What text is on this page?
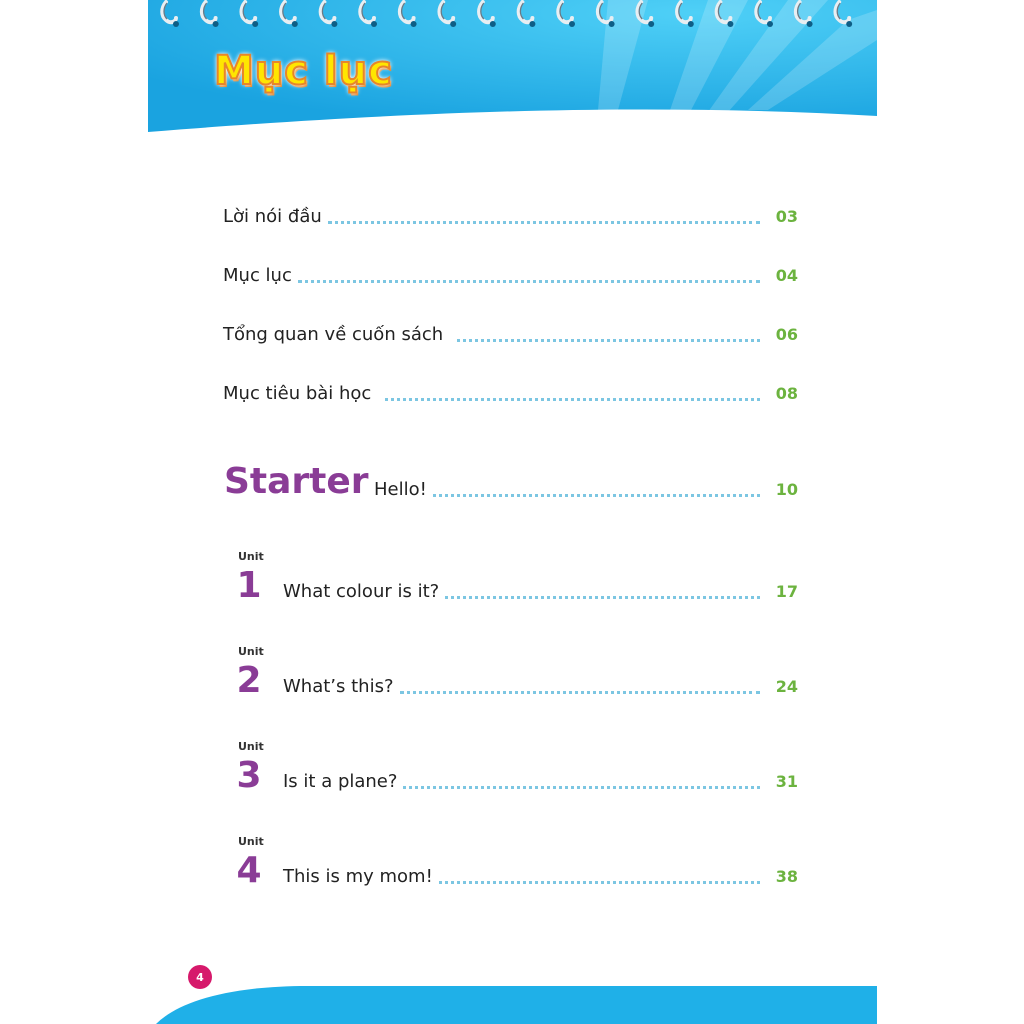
Mục lục
Lời nói đầu	03
Mục lục	04
Tổng quan về cuốn sách	06
Mục tiêu bài học	08
Starter Hello!	10
Unit
1 What colour is it?	17
Unit
2 What’s this?	24
Unit
3 Is it a plane?	31
Unit
4 This is my mom!	38
4
